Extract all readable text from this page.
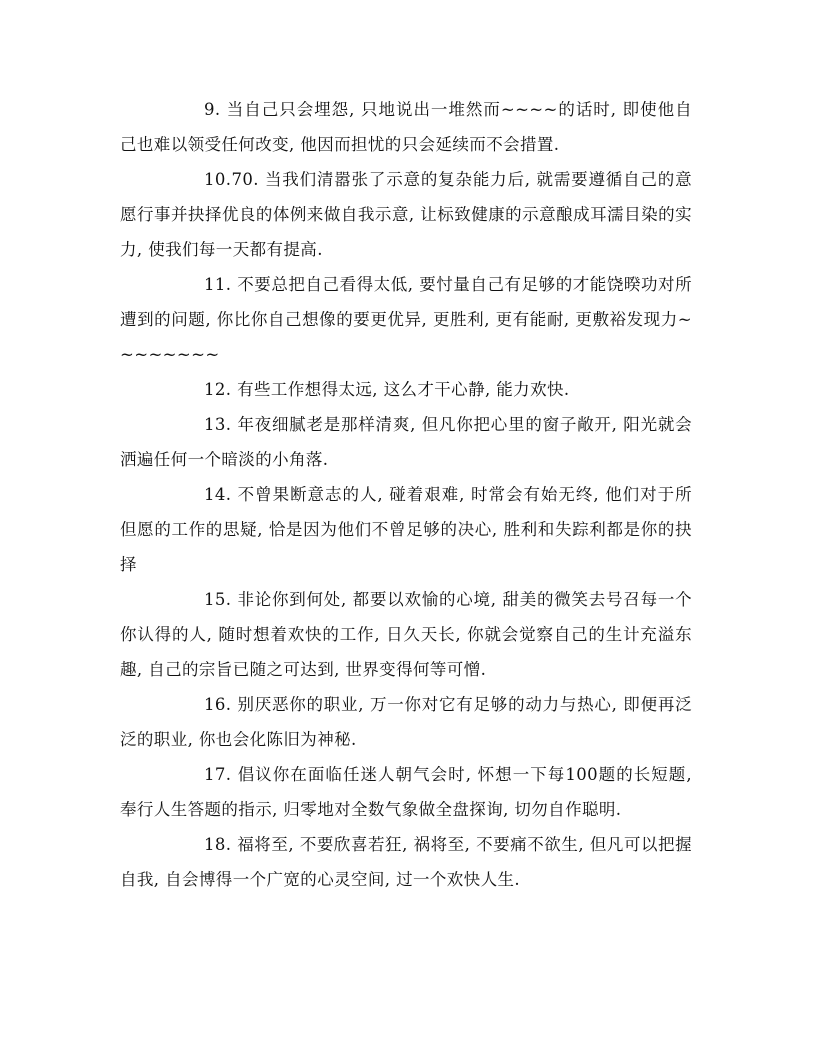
9. 当自己只会埋怨, 只地说出一堆然而~~~~的话时, 即使他自己也难以领受任何改变, 他因而担忧的只会延续而不会措置.

10.70. 当我们清嚣张了示意的复杂能力后, 就需要遵循自己的意愿行事并抉择优良的体例来做自我示意, 让标致健康的示意酿成耳濡目染的实力, 使我们每一天都有提高.

11. 不要总把自己看得太低, 要忖量自己有足够的才能饶暌功对所遭到的问题, 你比你自己想像的要更优异, 更胜利, 更有能耐, 更敷裕发现力~~~~~~~~

12. 有些工作想得太远, 这么才干心静, 能力欢快.

13. 年夜细腻老是那样清爽, 但凡你把心里的窗子敞开, 阳光就会洒遍任何一个暗淡的小角落.

14. 不曾果断意志的人, 碰着艰难, 时常会有始无终, 他们对于所但愿的工作的思疑, 恰是因为他们不曾足够的决心, 胜利和失踪利都是你的抉择

15. 非论你到何处, 都要以欢愉的心境, 甜美的微笑去号召每一个你认得的人, 随时想着欢快的工作, 日久天长, 你就会觉察自己的生计充溢东趣, 自己的宗旨已随之可达到, 世界变得何等可憎.

16. 别厌恶你的职业, 万一你对它有足够的动力与热心, 即便再泛泛的职业, 你也会化陈旧为神秘.

17. 倡议你在面临任迷人朝气会时, 怀想一下每100题的长短题, 奉行人生答题的指示, 归零地对全数气象做全盘探询, 切勿自作聪明.

18. 福将至, 不要欣喜若狂, 祸将至, 不要痛不欲生, 但凡可以把握自我, 自会博得一个广宽的心灵空间, 过一个欢快人生.
